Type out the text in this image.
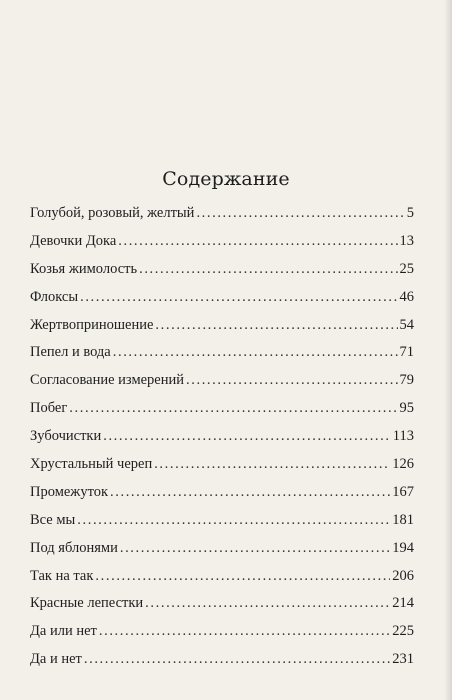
Содержание
Голубой, розовый, желтый .....	5
Девочки Дока .....	13
Козья жимолость .....	25
Флоксы .....	46
Жертвоприношение .....	54
Пепел и вода .....	71
Согласование измерений .....	79
Побег .....	95
Зубочистки .....	113
Хрустальный череп .....	126
Промежуток .....	167
Все мы .....	181
Под яблонями .....	194
Так на так .....	206
Красные лепестки .....	214
Да или нет .....	225
Да и нет .....	231
